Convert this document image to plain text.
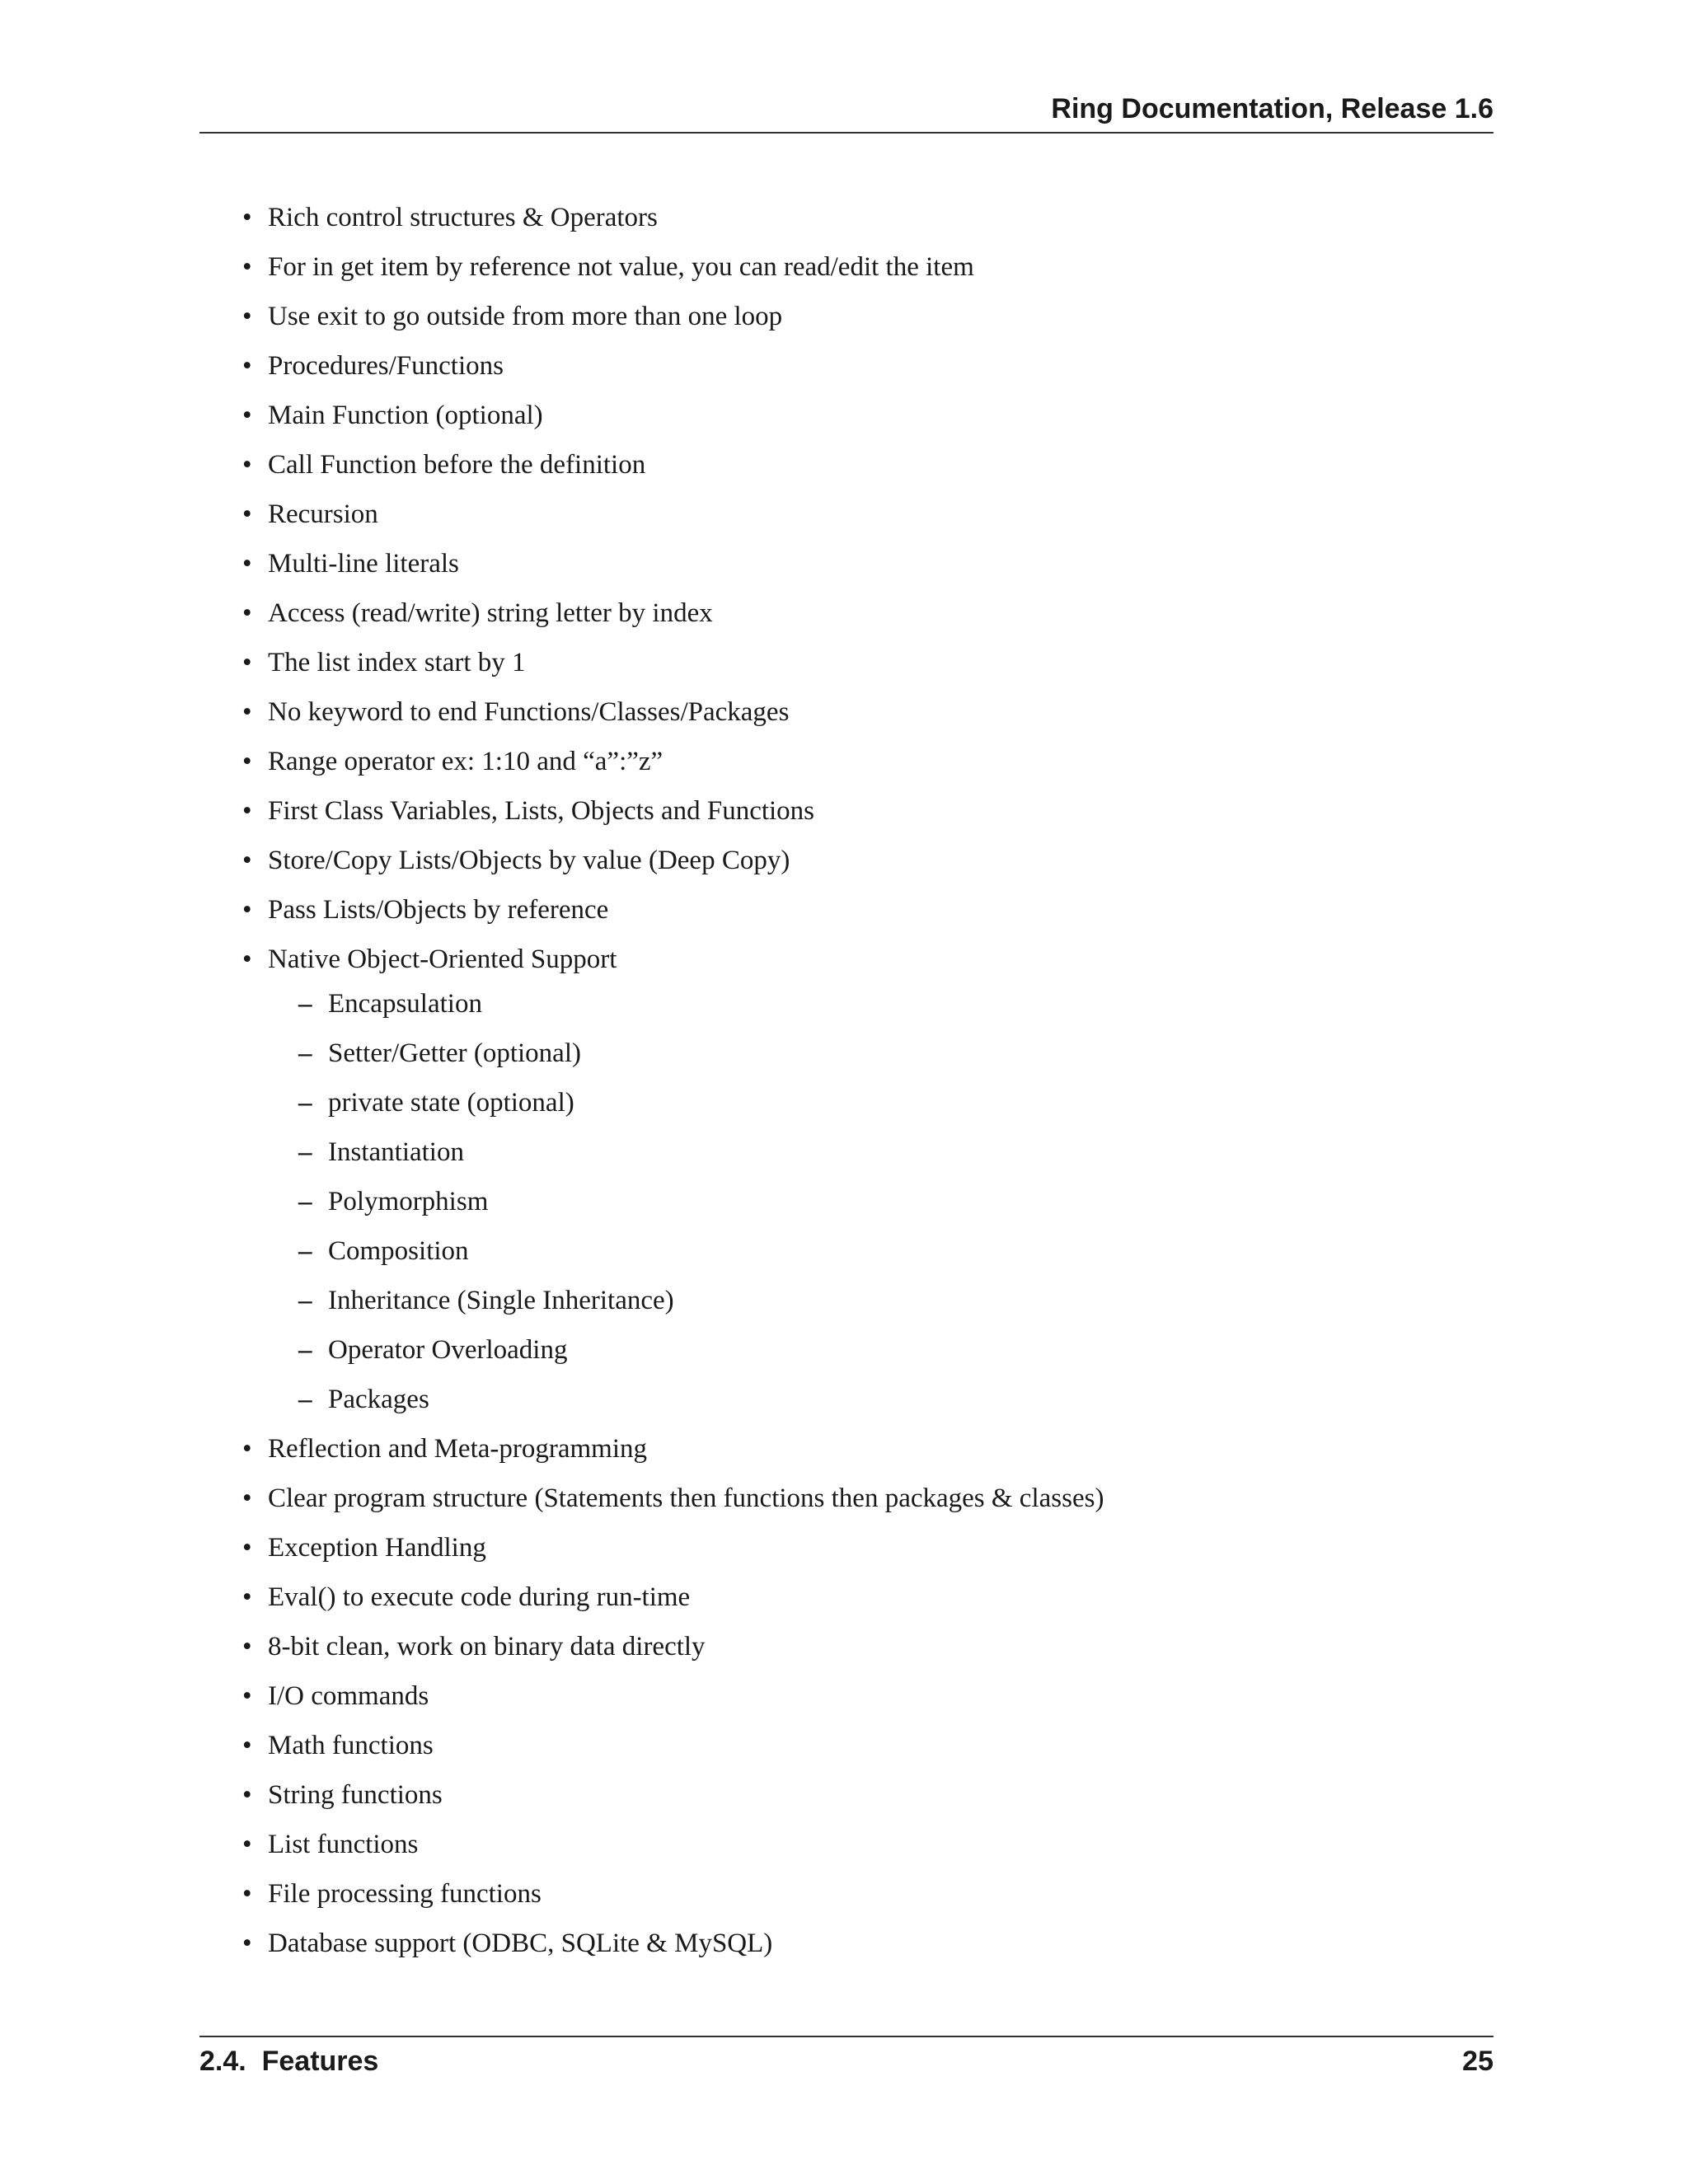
Ring Documentation, Release 1.6
• Rich control structures & Operators
• For in get item by reference not value, you can read/edit the item
• Use exit to go outside from more than one loop
• Procedures/Functions
• Main Function (optional)
• Call Function before the definition
• Recursion
• Multi-line literals
• Access (read/write) string letter by index
• The list index start by 1
• No keyword to end Functions/Classes/Packages
• Range operator ex: 1:10 and “a”:”z”
• First Class Variables, Lists, Objects and Functions
• Store/Copy Lists/Objects by value (Deep Copy)
• Pass Lists/Objects by reference
• Native Object-Oriented Support
– Encapsulation
– Setter/Getter (optional)
– private state (optional)
– Instantiation
– Polymorphism
– Composition
– Inheritance (Single Inheritance)
– Operator Overloading
– Packages
• Reflection and Meta-programming
• Clear program structure (Statements then functions then packages & classes)
• Exception Handling
• Eval() to execute code during run-time
• 8-bit clean, work on binary data directly
• I/O commands
• Math functions
• String functions
• List functions
• File processing functions
• Database support (ODBC, SQLite & MySQL)
2.4.  Features	25
